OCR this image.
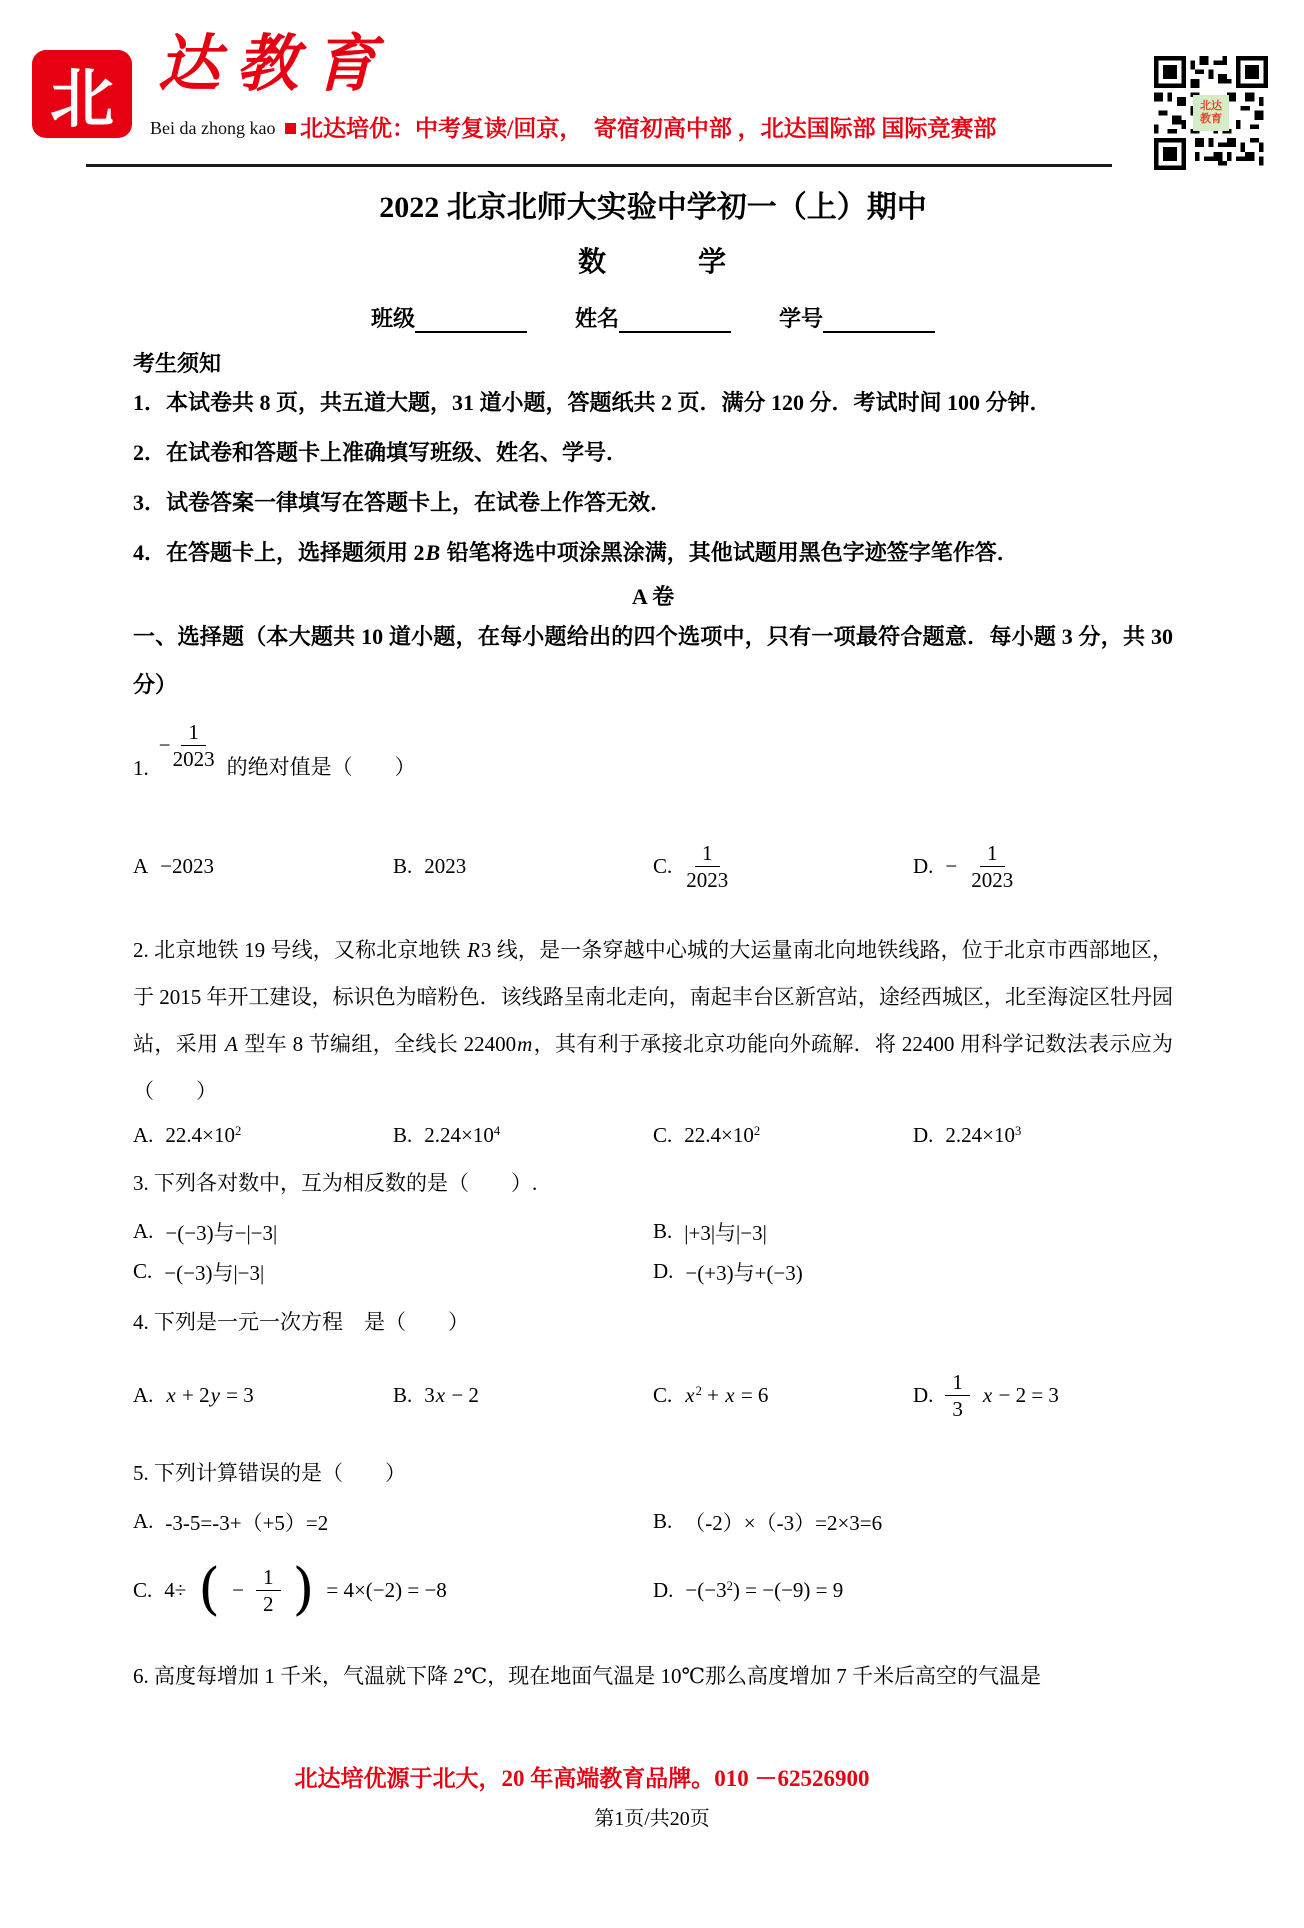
北 达教育
Bei da zhong kao	北达培优：中考复读/回京，　寄宿初高中部 ，北达国际部 国际竞赛部
北达
教育
2022 北京北师大实验中学初一（上）期中
数　　　学
班级	姓名	学号
考生须知

1．本试卷共 8 页，共五道大题，31 道小题，答题纸共 2 页．满分 120 分．考试时间 100 分钟．

2．在试卷和答题卡上准确填写班级、姓名、学号．

3．试卷答案一律填写在答题卡上，在试卷上作答无效．

4．在答题卡上，选择题须用 2B 铅笔将选中项涂黑涂满，其他试题用黑色字迹签字笔作答．

A 卷

一、选择题（本大题共 10 道小题，在每小题给出的四个选项中，只有一项最符合题意．每小题 3 分，共 30 分）

1.
− $\frac{1}{2023}$ 的绝对值是（　　）
A −2023	B. 2023	C. $\frac{1}{2023}$	D. − $\frac{1}{2023}$

2. 北京地铁 19 号线，又称北京地铁 R3 线，是一条穿越中心城的大运量南北向地铁线路，位于北京市西部地区，于 2015 年开工建设，标识色为暗粉色．该线路呈南北走向，南起丰台区新宫站，途经西城区，北至海淀区牡丹园站，采用 A 型车 8 节编组，全线长 22400m，其有利于承接北京功能向外疏解．将 22400 用科学记数法表示应为（　　）

A. $22.4\times 10^2$	B. $2.24\times 10^4$	C. $22.4\times 10^2$	D. $2.24\times 10^3$

3. 下列各对数中，互为相反数的是（　　）.

A. −(−3)与−|−3|	B. |+3|与|−3|
C. −(−3)与|−3|	D. −(+3)与+(−3)

4. 下列是一元一次方程　是（　　）

A. x + 2y = 3	B. 3x − 2	C. $x^2 + x = 6$	D. $\frac{1}{3}$ x − 2 = 3

5. 下列计算错误的是（　　）

A. -3-5=-3+（+5）=2	B. （-2）×（-3）=2×3=6
C. 4÷ ( − $\frac{1}{2}$ ) = 4×(−2) = −8	D. $-(-3^2) = -(-9) = 9$

6. 高度每增加 1 千米，气温就下降 2℃，现在地面气温是 10℃那么高度增加 7 千米后高空的气温是

北达培优源于北大，20 年高端教育品牌。010 －62526900
第1页/共20页
